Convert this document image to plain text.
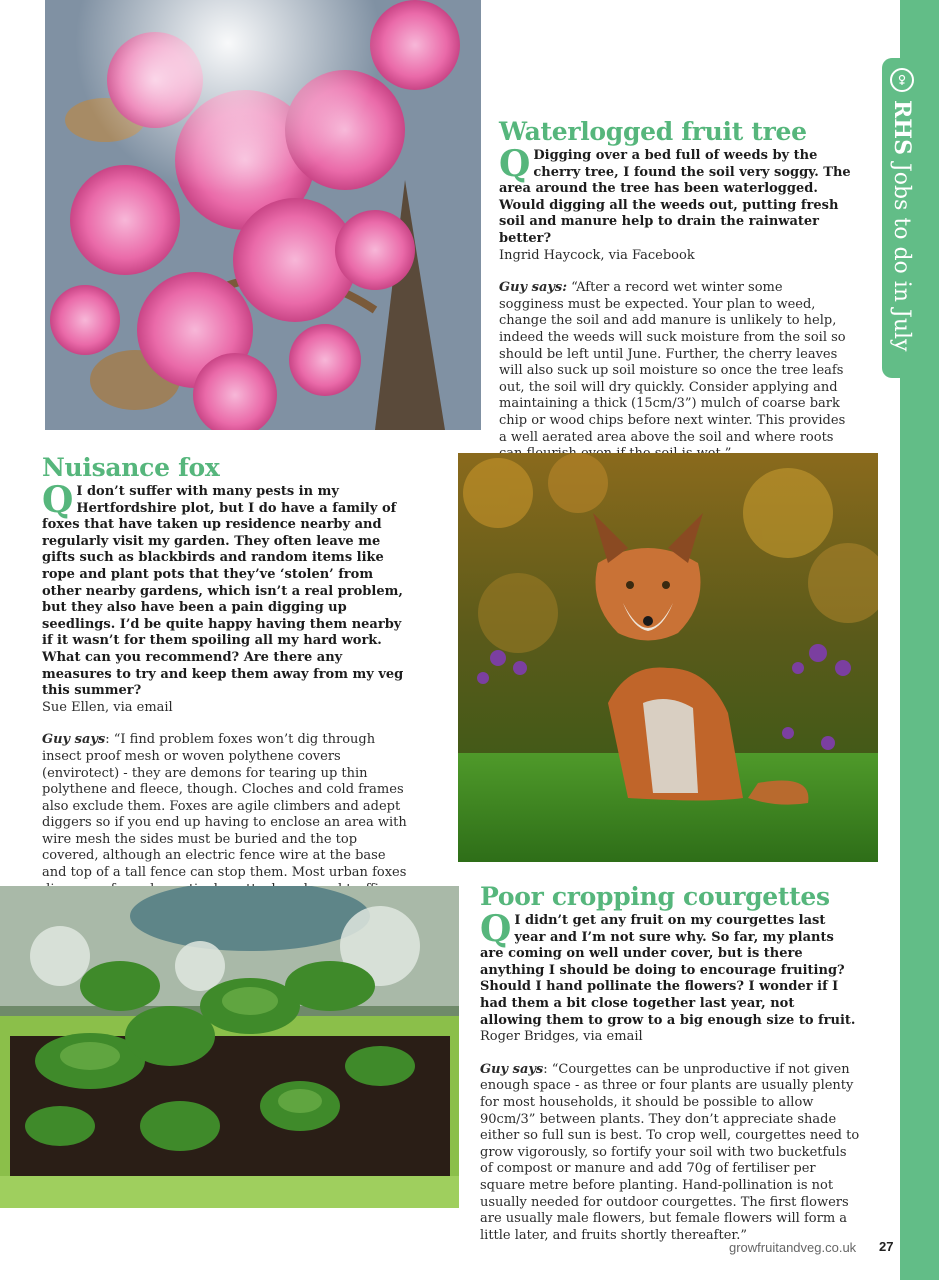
RHS
Jobs to do in July
Waterlogged fruit tree

Q Digging over a bed full of weeds by the cherry tree, I found the soil very soggy. The area around the tree has been waterlogged. Would digging all the weeds out, putting fresh soil and manure help to drain the rainwater better?

Ingrid Haycock, via Facebook

Guy says: “After a record wet winter some sogginess must be expected. Your plan to weed, change the soil and add manure is unlikely to help, indeed the weeds will suck moisture from the soil so should be left until June. Further, the cherry leaves will also suck up soil moisture so once the tree leafs out, the soil will dry quickly. Consider applying and maintaining a thick (15cm/3”) mulch of coarse bark chip or wood chips before next winter. This provides a well aerated area above the soil and where roots

Nuisance fox

Q I don’t suffer with many pests in my Hertfordshire plot, but I do have a family of foxes that have taken up residence nearby and regularly visit my garden. They often leave me gifts such as blackbirds and random items like rope and plant pots that they’ve ‘stolen’ from other nearby gardens, which isn’t a real problem, but they also have been a pain digging up seedlings. I’d be quite happy having them nearby if it wasn’t for them spoiling all my hard work. What can you recommend? Are there any measures to try and keep them away from my veg this summer?

Sue Ellen, via email

Guy says: “I find problem foxes won’t dig through insect proof mesh or woven polythene covers (envirotect) - they are demons for tearing up thin polythene and fleece, though. Cloches and cold frames also exclude them. Foxes are agile climbers and adept diggers so if you end up having to enclose an area with wire mesh the sides must be buried and the top covered, although an electric fence wire at the base and top of a tall fence can stop them. Most urban foxes

Poor cropping courgettes

Q I didn’t get any fruit on my courgettes last year and I’m not sure why. So far, my plants are coming on well under cover, but is there anything I should be doing to encourage fruiting? Should I hand pollinate the flowers? I wonder if I had them a bit close together last year, not allowing them to grow to a big enough size to fruit.

Roger Bridges, via email

Guy says: “Courgettes can be unproductive if not given enough space - as three or four plants are usually plenty for most households, it should be possible to allow 90cm/3” between plants. They don’t appreciate shade either so full sun is best. To crop well, courgettes need to grow vigorously, so fortify your soil with two bucketfuls of compost or manure and add 70g of fertiliser per square metre before planting. Hand-pollination is not usually needed for outdoor courgettes. The first flowers are usually male flowers, but female flowers will form a little later, and fruits shortly thereafter.”

growfruitandveg.co.uk 27
